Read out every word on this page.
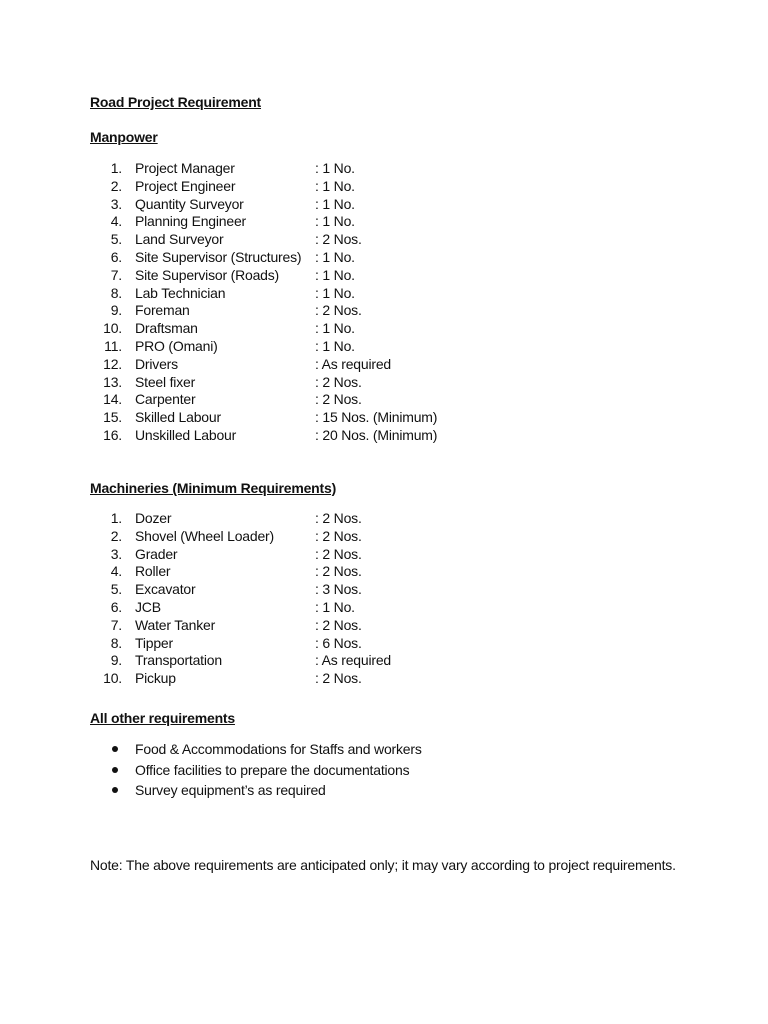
Road Project Requirement
Manpower
1. Project Manager	: 1 No.
2. Project Engineer	: 1 No.
3. Quantity Surveyor	: 1 No.
4. Planning Engineer	: 1 No.
5. Land Surveyor	: 2 Nos.
6. Site Supervisor (Structures) : 1 No.
7. Site Supervisor (Roads)	: 1 No.
8. Lab Technician	: 1 No.
9. Foreman	: 2 Nos.
10. Draftsman	: 1 No.
11. PRO (Omani)	: 1 No.
12. Drivers	: As required
13. Steel fixer	: 2 Nos.
14. Carpenter	: 2 Nos.
15. Skilled Labour	: 15 Nos. (Minimum)
16. Unskilled Labour	: 20 Nos. (Minimum)
Machineries (Minimum Requirements)
1. Dozer	: 2 Nos.
2. Shovel (Wheel Loader)	: 2 Nos.
3. Grader	: 2 Nos.
4. Roller	: 2 Nos.
5. Excavator	: 3 Nos.
6. JCB	: 1 No.
7. Water Tanker	: 2 Nos.
8. Tipper	: 6 Nos.
9. Transportation	: As required
10. Pickup	: 2 Nos.
All other requirements
Food & Accommodations for Staffs and workers
Office facilities to prepare the documentations
Survey equipment’s as required
Note: The above requirements are anticipated only; it may vary according to project requirements.
